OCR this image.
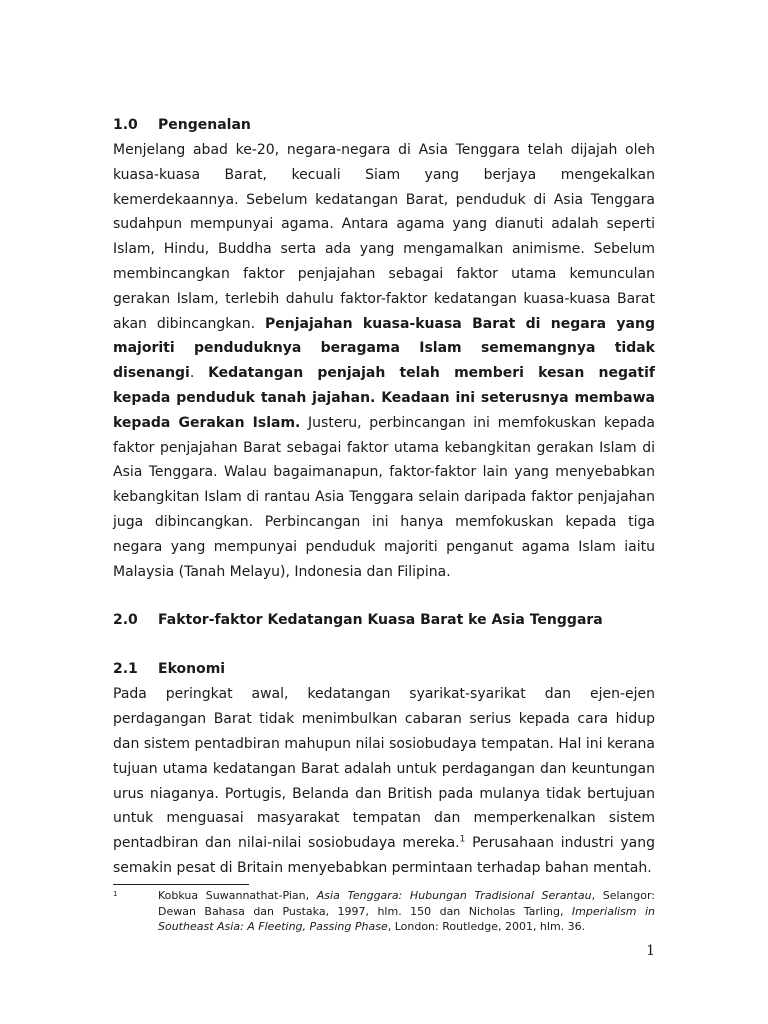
1.0	Pengenalan

Menjelang abad ke-20, negara-negara di Asia Tenggara telah dijajah oleh kuasa-kuasa Barat, kecuali Siam yang berjaya mengekalkan kemerdekaannya. Sebelum kedatangan Barat, penduduk di Asia Tenggara sudahpun mempunyai agama. Antara agama yang dianuti adalah seperti Islam, Hindu, Buddha serta ada yang mengamalkan animisme. Sebelum membincangkan faktor penjajahan sebagai faktor utama kemunculan gerakan Islam, terlebih dahulu faktor-faktor kedatangan kuasa-kuasa Barat akan dibincangkan. Penjajahan kuasa-kuasa Barat di negara yang majoriti penduduknya beragama Islam sememangnya tidak disenangi. Kedatangan penjajah telah memberi kesan negatif kepada penduduk tanah jajahan. Keadaan ini seterusnya membawa kepada Gerakan Islam. Justeru, perbincangan ini memfokuskan kepada faktor penjajahan Barat sebagai faktor utama kebangkitan gerakan Islam di Asia Tenggara. Walau bagaimanapun, faktor-faktor lain yang menyebabkan kebangkitan Islam di rantau Asia Tenggara selain daripada faktor penjajahan juga dibincangkan. Perbincangan ini hanya memfokuskan kepada tiga negara yang mempunyai penduduk majoriti penganut agama Islam iaitu Malaysia (Tanah Melayu), Indonesia dan Filipina.

2.0	Faktor-faktor Kedatangan Kuasa Barat ke Asia Tenggara
2.1	Ekonomi

Pada peringkat awal, kedatangan syarikat-syarikat dan ejen-ejen perdagangan Barat tidak menimbulkan cabaran serius kepada cara hidup dan sistem pentadbiran mahupun nilai sosiobudaya tempatan. Hal ini kerana tujuan utama kedatangan Barat adalah untuk perdagangan dan keuntungan urus niaganya. Portugis, Belanda dan British pada mulanya tidak bertujuan untuk menguasai masyarakat tempatan dan memperkenalkan sistem pentadbiran dan nilai-nilai sosiobudaya mereka.$^1$ Perusahaan industri yang semakin pesat di Britain menyebabkan permintaan terhadap bahan mentah.

1	Kobkua Suwannathat-Pian, Asia Tenggara: Hubungan Tradisional Serantau, Selangor: Dewan Bahasa dan Pustaka, 1997, hlm. 150 dan Nicholas Tarling, Imperialism in Southeast Asia: A Fleeting, Passing Phase, London: Routledge, 2001, hlm. 36.
1
